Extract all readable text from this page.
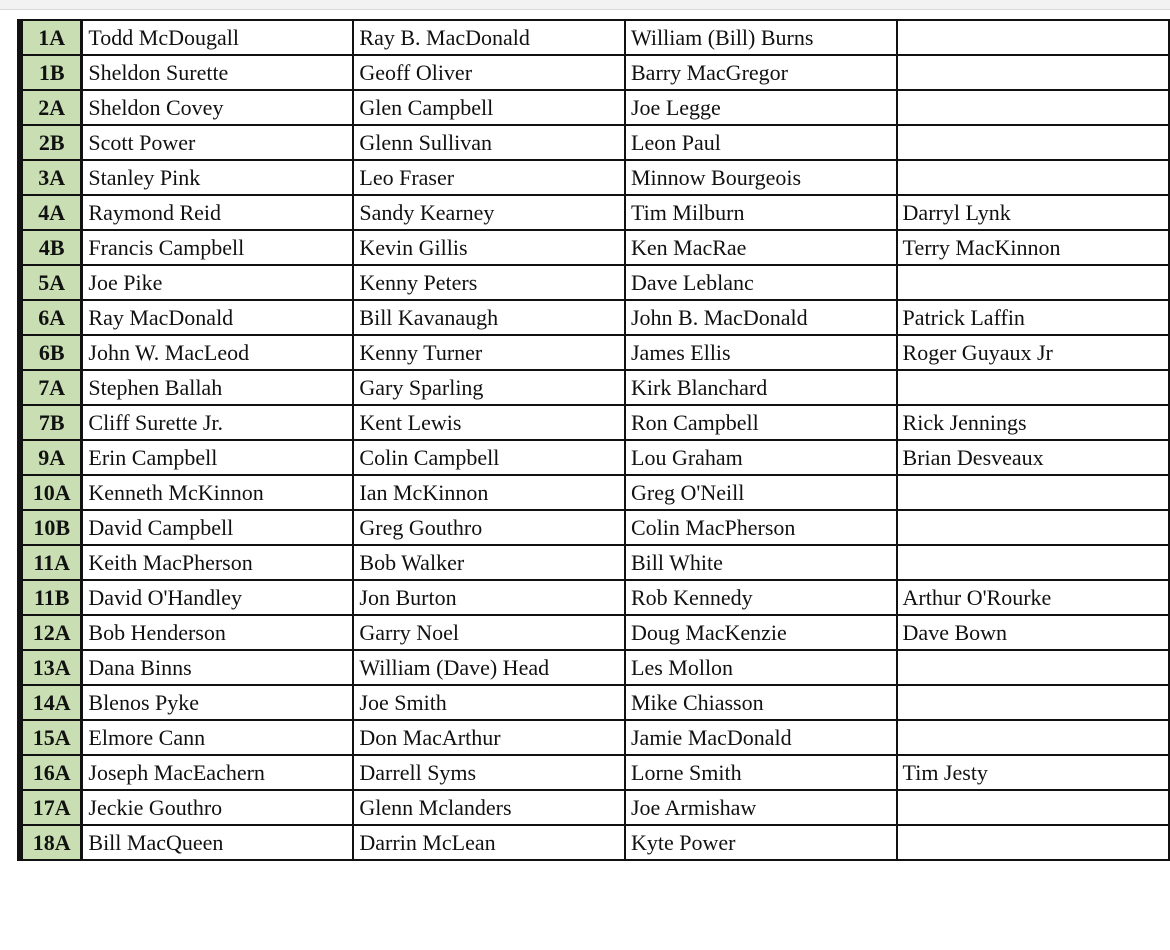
1A	Todd McDougall	Ray B. MacDonald	William (Bill) Burns	
1B	Sheldon Surette	Geoff Oliver	Barry MacGregor	
2A	Sheldon Covey	Glen Campbell	Joe Legge	
2B	Scott Power	Glenn Sullivan	Leon Paul	
3A	Stanley Pink	Leo Fraser	Minnow Bourgeois	
4A	Raymond Reid	Sandy Kearney	Tim Milburn	Darryl Lynk
4B	Francis Campbell	Kevin Gillis	Ken MacRae	Terry MacKinnon
5A	Joe Pike	Kenny Peters	Dave Leblanc	
6A	Ray MacDonald	Bill Kavanaugh	John B. MacDonald	Patrick Laffin
6B	John W. MacLeod	Kenny Turner	James Ellis	Roger Guyaux Jr
7A	Stephen Ballah	Gary Sparling	Kirk Blanchard	
7B	Cliff Surette Jr.	Kent Lewis	Ron Campbell	Rick Jennings
9A	Erin Campbell	Colin Campbell	Lou Graham	Brian Desveaux
10A	Kenneth McKinnon	Ian McKinnon	Greg O'Neill	
10B	David Campbell	Greg Gouthro	Colin MacPherson	
11A	Keith MacPherson	Bob Walker	Bill White	
11B	David O'Handley	Jon Burton	Rob Kennedy	Arthur O'Rourke
12A	Bob Henderson	Garry Noel	Doug MacKenzie	Dave Bown
13A	Dana Binns	William (Dave) Head	Les Mollon	
14A	Blenos Pyke	Joe Smith	Mike Chiasson	
15A	Elmore Cann	Don MacArthur	Jamie MacDonald	
16A	Joseph MacEachern	Darrell Syms	Lorne Smith	Tim Jesty
17A	Jeckie Gouthro	Glenn Mclanders	Joe Armishaw	
18A	Bill MacQueen	Darrin McLean	Kyte Power	
